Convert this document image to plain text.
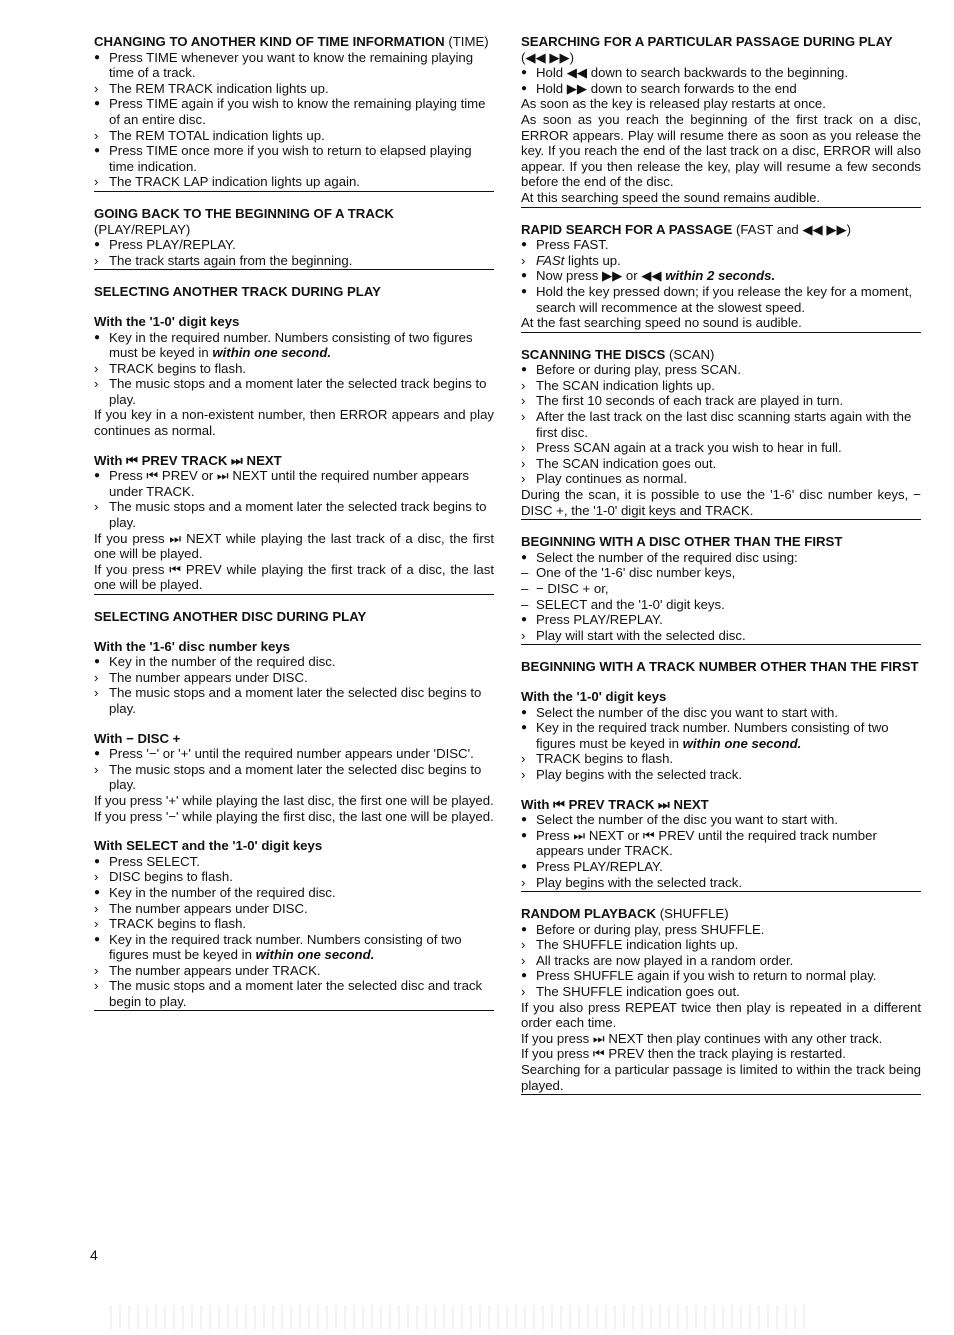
CHANGING TO ANOTHER KIND OF TIME INFORMATION (TIME)
● Press TIME whenever you want to know the remaining playing time of a track.
› The REM TRACK indication lights up.
● Press TIME again if you wish to know the remaining playing time of an entire disc.
› The REM TOTAL indication lights up.
● Press TIME once more if you wish to return to elapsed playing time indication.
› The TRACK LAP indication lights up again.
GOING BACK TO THE BEGINNING OF A TRACK
(PLAY/REPLAY)
● Press PLAY/REPLAY.
› The track starts again from the beginning.
SELECTING ANOTHER TRACK DURING PLAY
With the '1-0' digit keys
● Key in the required number. Numbers consisting of two figures must be keyed in within one second.
› TRACK begins to flash.
› The music stops and a moment later the selected track begins to play.
If you key in a non-existent number, then ERROR appears and play continues as normal.
With ⏮ PREV TRACK ⏭ NEXT
● Press ⏮ PREV or ⏭ NEXT until the required number appears under TRACK.
› The music stops and a moment later the selected track begins to play.
If you press ⏭ NEXT while playing the last track of a disc, the first one will be played.
If you press ⏮ PREV while playing the first track of a disc, the last one will be played.
SELECTING ANOTHER DISC DURING PLAY
With the '1-6' disc number keys
● Key in the number of the required disc.
› The number appears under DISC.
› The music stops and a moment later the selected disc begins to play.
With − DISC +
● Press '−' or '+' until the required number appears under 'DISC'.
› The music stops and a moment later the selected disc begins to play.
If you press '+' while playing the last disc, the first one will be played.
If you press '−' while playing the first disc, the last one will be played.
With SELECT and the '1-0' digit keys
● Press SELECT.
› DISC begins to flash.
● Key in the number of the required disc.
› The number appears under DISC.
› TRACK begins to flash.
● Key in the required track number. Numbers consisting of two figures must be keyed in within one second.
› The number appears under TRACK.
› The music stops and a moment later the selected disc and track begin to play.
SEARCHING FOR A PARTICULAR PASSAGE DURING PLAY
(◀◀ ▶▶)
● Hold ◀◀ down to search backwards to the beginning.
● Hold ▶▶ down to search forwards to the end
As soon as the key is released play restarts at once.
As soon as you reach the beginning of the first track on a disc, ERROR appears. Play will resume there as soon as you release the key. If you reach the end of the last track on a disc, ERROR will also appear. If you then release the key, play will resume a few seconds before the end of the disc.
At this searching speed the sound remains audible.
RAPID SEARCH FOR A PASSAGE (FAST and ◀◀ ▶▶)
● Press FAST.
› FASt lights up.
● Now press ▶▶ or ◀◀ within 2 seconds.
● Hold the key pressed down; if you release the key for a moment, search will recommence at the slowest speed.
At the fast searching speed no sound is audible.
SCANNING THE DISCS (SCAN)
● Before or during play, press SCAN.
› The SCAN indication lights up.
› The first 10 seconds of each track are played in turn.
› After the last track on the last disc scanning starts again with the first disc.
› Press SCAN again at a track you wish to hear in full.
› The SCAN indication goes out.
› Play continues as normal.
During the scan, it is possible to use the '1-6' disc number keys, − DISC +, the '1-0' digit keys and TRACK.
BEGINNING WITH A DISC OTHER THAN THE FIRST
● Select the number of the required disc using:
– One of the '1-6' disc number keys,
– − DISC + or,
– SELECT and the '1-0' digit keys.
● Press PLAY/REPLAY.
› Play will start with the selected disc.
BEGINNING WITH A TRACK NUMBER OTHER THAN THE FIRST
With the '1-0' digit keys
● Select the number of the disc you want to start with.
● Key in the required track number. Numbers consisting of two figures must be keyed in within one second.
› TRACK begins to flash.
› Play begins with the selected track.
With ⏮ PREV TRACK ⏭ NEXT
● Select the number of the disc you want to start with.
● Press ⏭ NEXT or ⏮ PREV until the required track number appears under TRACK.
● Press PLAY/REPLAY.
› Play begins with the selected track.
RANDOM PLAYBACK (SHUFFLE)
● Before or during play, press SHUFFLE.
› The SHUFFLE indication lights up.
› All tracks are now played in a random order.
● Press SHUFFLE again if you wish to return to normal play.
› The SHUFFLE indication goes out.
If you also press REPEAT twice then play is repeated in a different order each time.
If you press ⏭ NEXT then play continues with any other track.
If you press ⏮ PREV then the track playing is restarted.
Searching for a particular passage is limited to within the track being played.
4
